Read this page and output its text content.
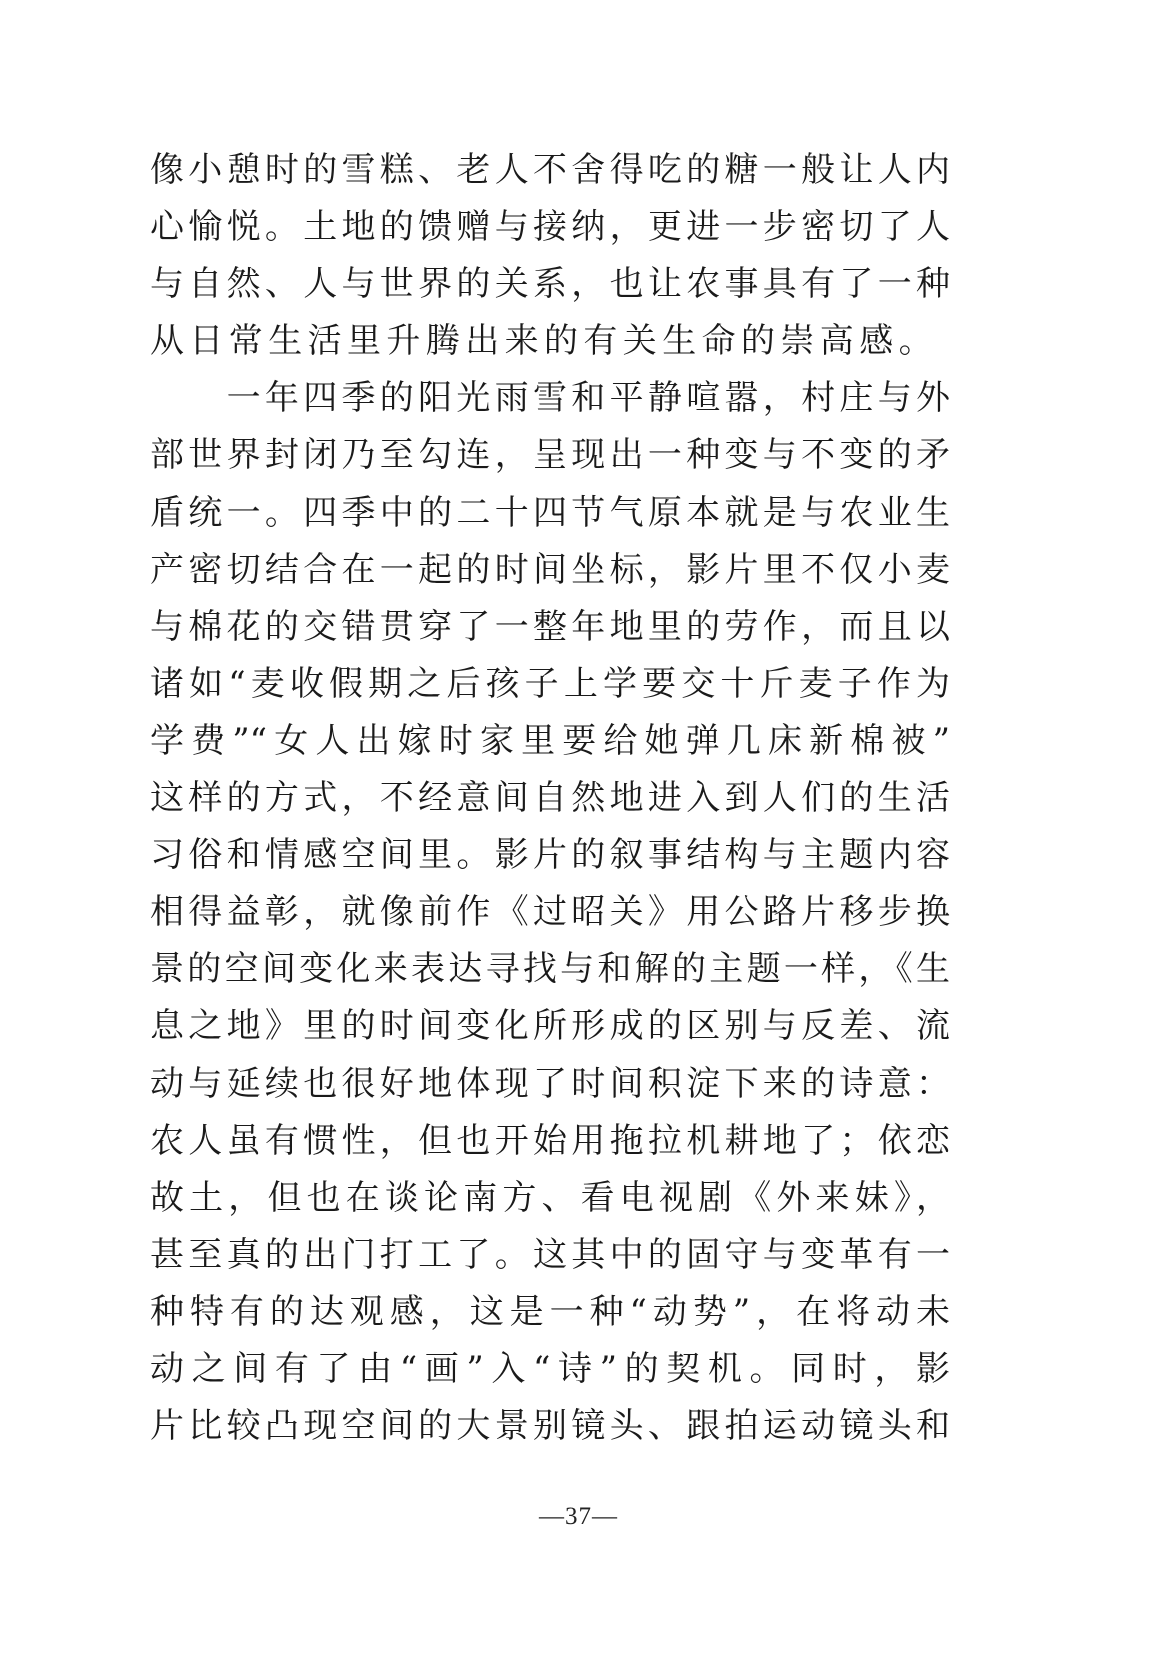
像小憩时的雪糕、老人不舍得吃的糖一般让人内
心愉悦。土地的馈赠与接纳，更进一步密切了人
与自然、人与世界的关系，也让农事具有了一种
从日常生活里升腾出来的有关生命的崇高感。
　　一年四季的阳光雨雪和平静喧嚣，村庄与外
部世界封闭乃至勾连，呈现出一种变与不变的矛
盾统一。四季中的二十四节气原本就是与农业生
产密切结合在一起的时间坐标，影片里不仅小麦
与棉花的交错贯穿了一整年地里的劳作，而且以
诸如“麦收假期之后孩子上学要交十斤麦子作为
学费”“女人出嫁时家里要给她弹几床新棉被”
这样的方式，不经意间自然地进入到人们的生活
习俗和情感空间里。影片的叙事结构与主题内容
相得益彰，就像前作《过昭关》用公路片移步换
景的空间变化来表达寻找与和解的主题一样，《生
息之地》里的时间变化所形成的区别与反差、流
动与延续也很好地体现了时间积淀下来的诗意：
农人虽有惯性，但也开始用拖拉机耕地了；依恋
故土，但也在谈论南方、看电视剧《外来妹》，
甚至真的出门打工了。这其中的固守与变革有一
种特有的达观感，这是一种“动势”，在将动未
动之间有了由“画”入“诗”的契机。同时，影
片比较凸现空间的大景别镜头、跟拍运动镜头和
—37—
